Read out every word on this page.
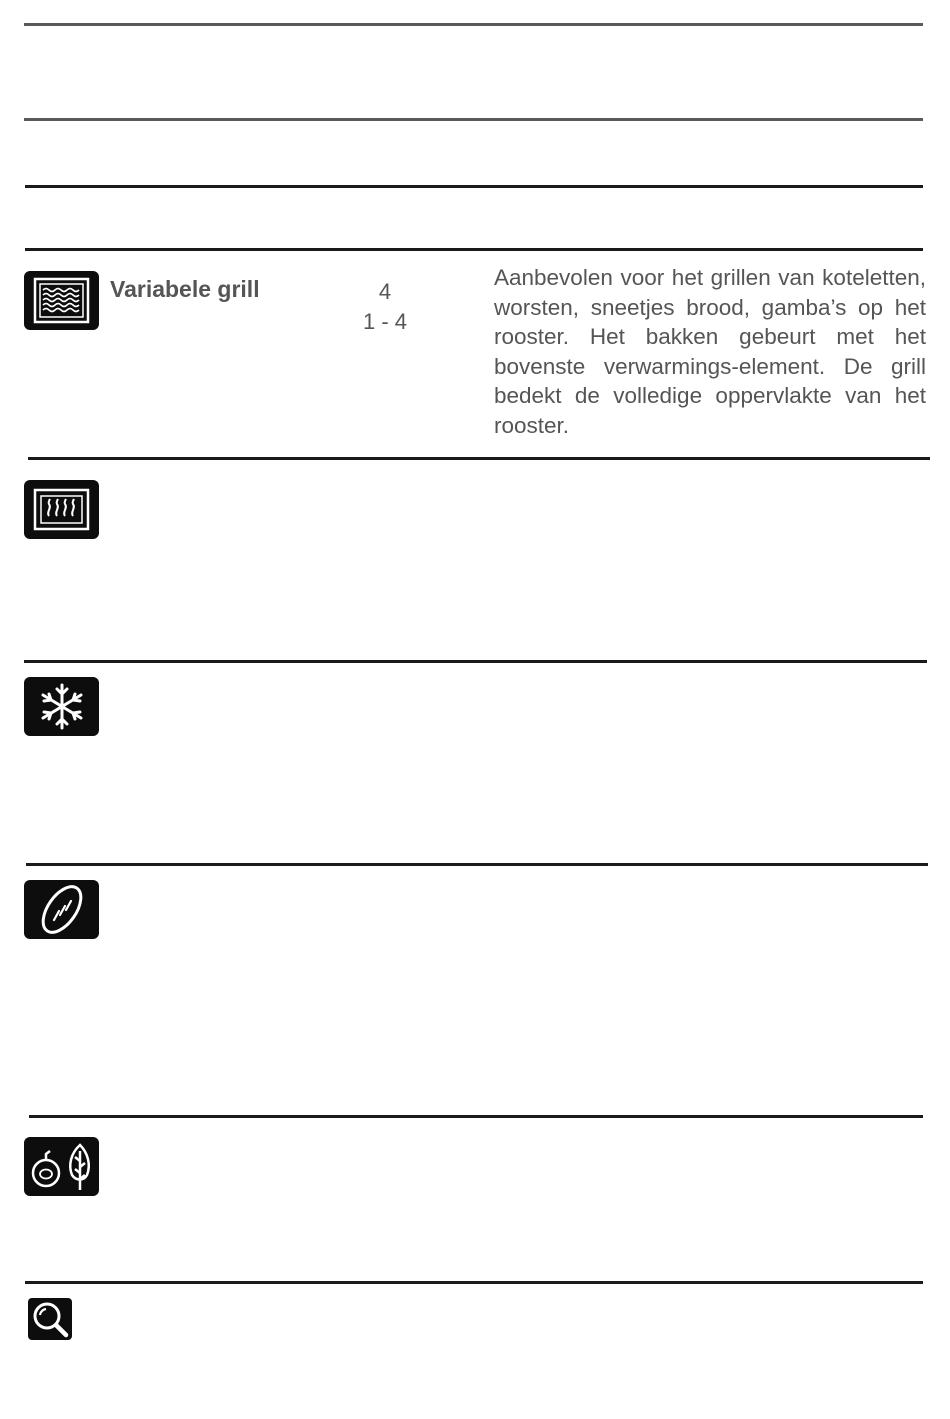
Variabele grill	4
1 - 4
Aanbevolen voor het grillen van koteletten, worsten, sneetjes brood, gamba’s op het rooster. Het bakken gebeurt met het bovenste verwarmings-element. De grill bedekt de volledige oppervlakte van het rooster.
